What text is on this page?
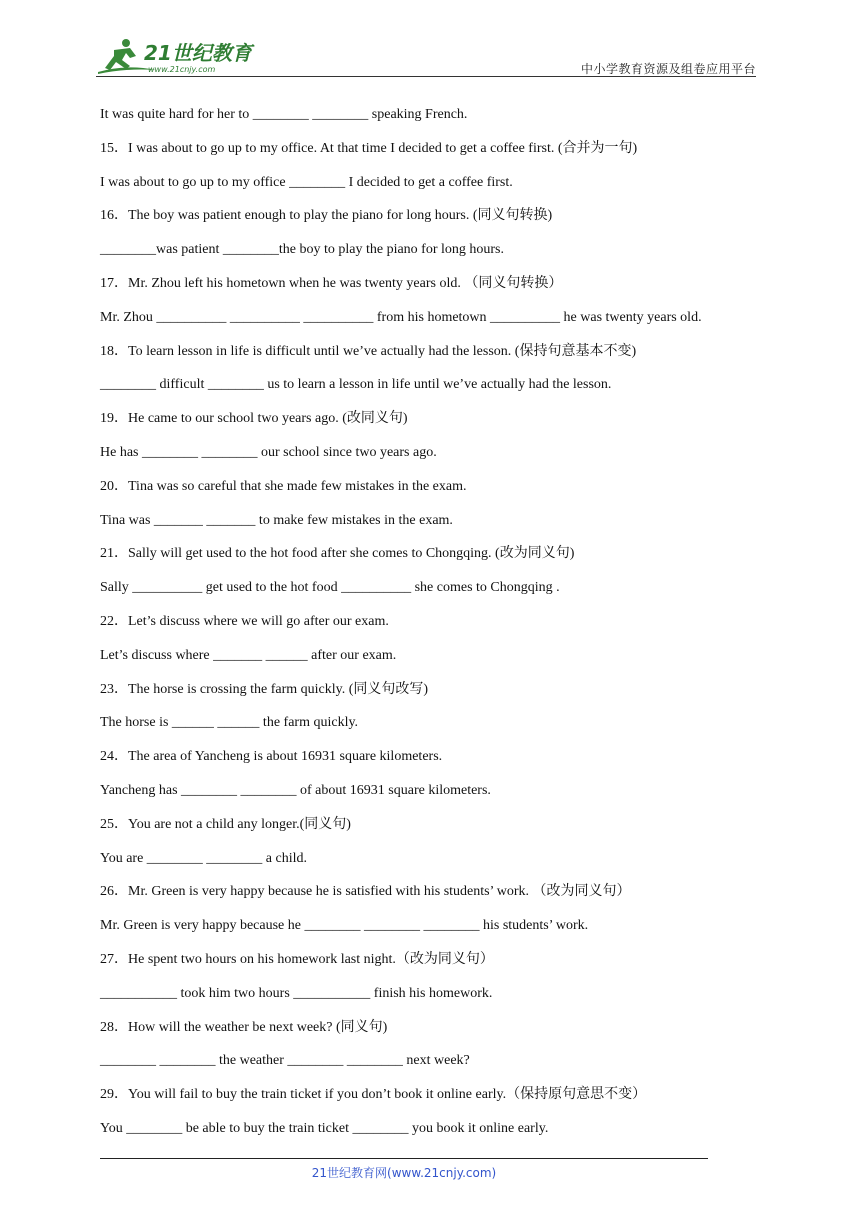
21世纪教育
www.21cnjy.com	中小学教育资源及组卷应用平台
It was quite hard for her to ________ ________ speaking French.
15．I was about to go up to my office. At that time I decided to get a coffee first. (合并为一句)
I was about to go up to my office ________ I decided to get a coffee first.
16．The boy was patient enough to play the piano for long hours. (同义句转换)
________was patient ________the boy to play the piano for long hours.
17．Mr. Zhou left his hometown when he was twenty years old. （同义句转换）
Mr. Zhou __________ __________ __________ from his hometown __________ he was twenty years old.
18．To learn lesson in life is difficult until we’ve actually had the lesson. (保持句意基本不变)
________ difficult ________ us to learn a lesson in life until we’ve actually had the lesson.
19．He came to our school two years ago. (改同义句)
He has ________ ________ our school since two years ago.
20．Tina was so careful that she made few mistakes in the exam.
Tina was _______ _______ to make few mistakes in the exam.
21．Sally will get used to the hot food after she comes to Chongqing. (改为同义句)
Sally __________ get used to the hot food __________ she comes to Chongqing .
22．Let’s discuss where we will go after our exam.
Let’s discuss where _______ ______ after our exam.
23．The horse is crossing the farm quickly. (同义句改写)
The horse is ______ ______ the farm quickly.
24．The area of Yancheng is about 16931 square kilometers.
Yancheng has ________ ________ of about 16931 square kilometers.
25．You are not a child any longer.(同义句)
You are ________ ________ a child.
26．Mr. Green is very happy because he is satisfied with his students’ work. （改为同义句）
Mr. Green is very happy because he ________ ________ ________ his students’ work.
27．He spent two hours on his homework last night.（改为同义句）
___________ took him two hours ___________ finish his homework.
28．How will the weather be next week? (同义句)
________ ________ the weather ________ ________ next week?
29．You will fail to buy the train ticket if you don’t book it online early.（保持原句意思不变）
You ________ be able to buy the train ticket ________ you book it online early.
21世纪教育网(www.21cnjy.com)
